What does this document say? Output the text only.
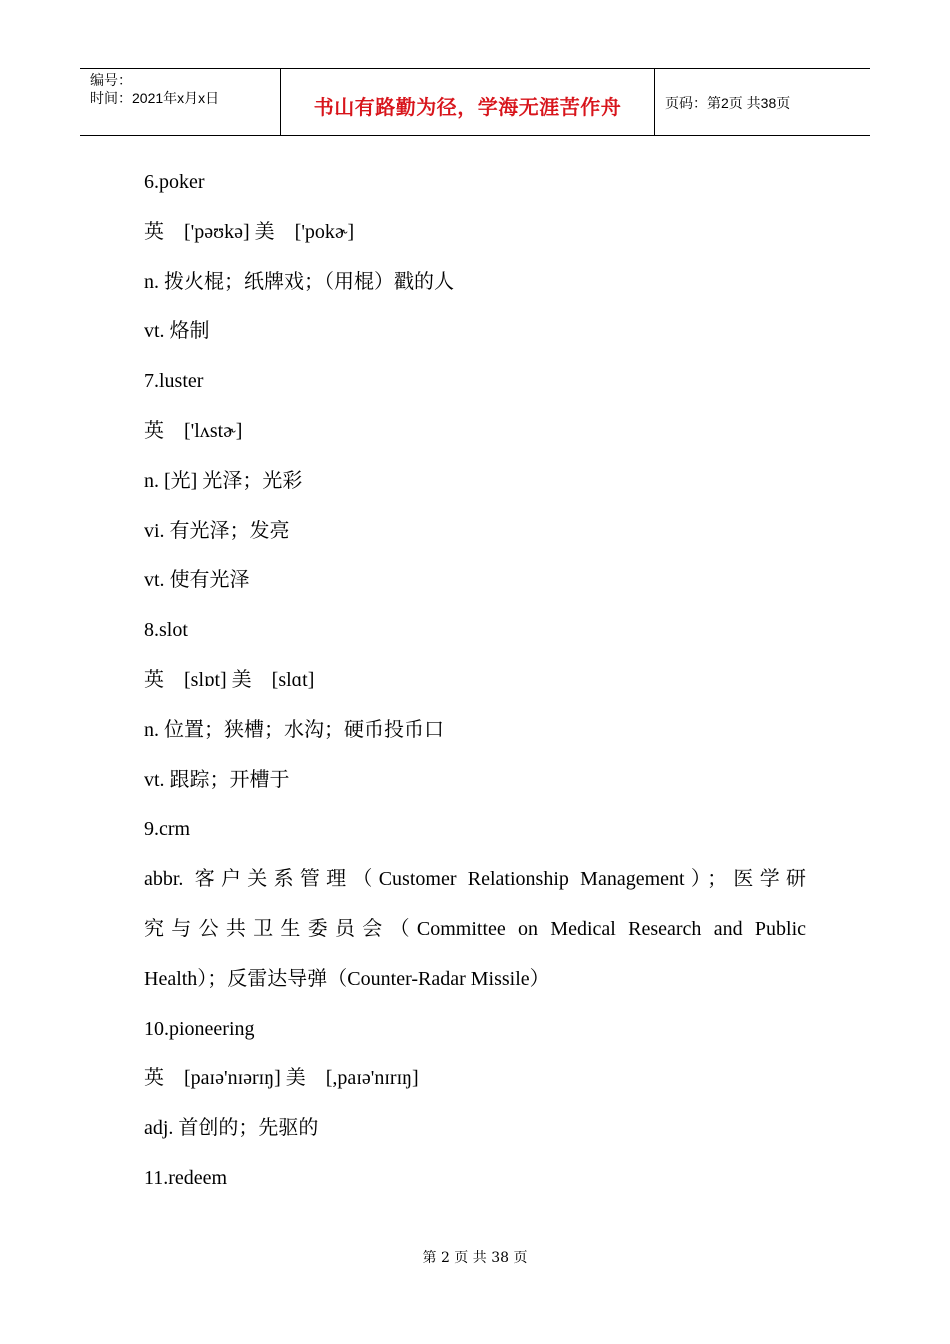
编号：
时间：2021年x月x日	书山有路勤为径，学海无涯苦作舟	页码：第2页 共38页
6.poker
英　['pəʊkə] 美　['pokɚ]
n. 拨火棍；纸牌戏；（用棍）戳的人
vt. 烙制
7.luster
英　['lʌstɚ]
n. [光] 光泽；光彩
vi. 有光泽；发亮
vt. 使有光泽
8.slot
英　[slɒt] 美　[slɑt]
n. 位置；狭槽；水沟；硬币投币口
vt. 跟踪；开槽于
9.crm
abbr. 客户关系管理（Customer Relationship Management）；医学研
究与公共卫生委员会（Committee on Medical Research and Public
Health）；反雷达导弹（Counter-Radar Missile）
10.pioneering
英　[paɪə'nɪərɪŋ] 美　[,paɪə'nɪrɪŋ]
adj. 首创的；先驱的
11.redeem
第 2 页 共 38 页
